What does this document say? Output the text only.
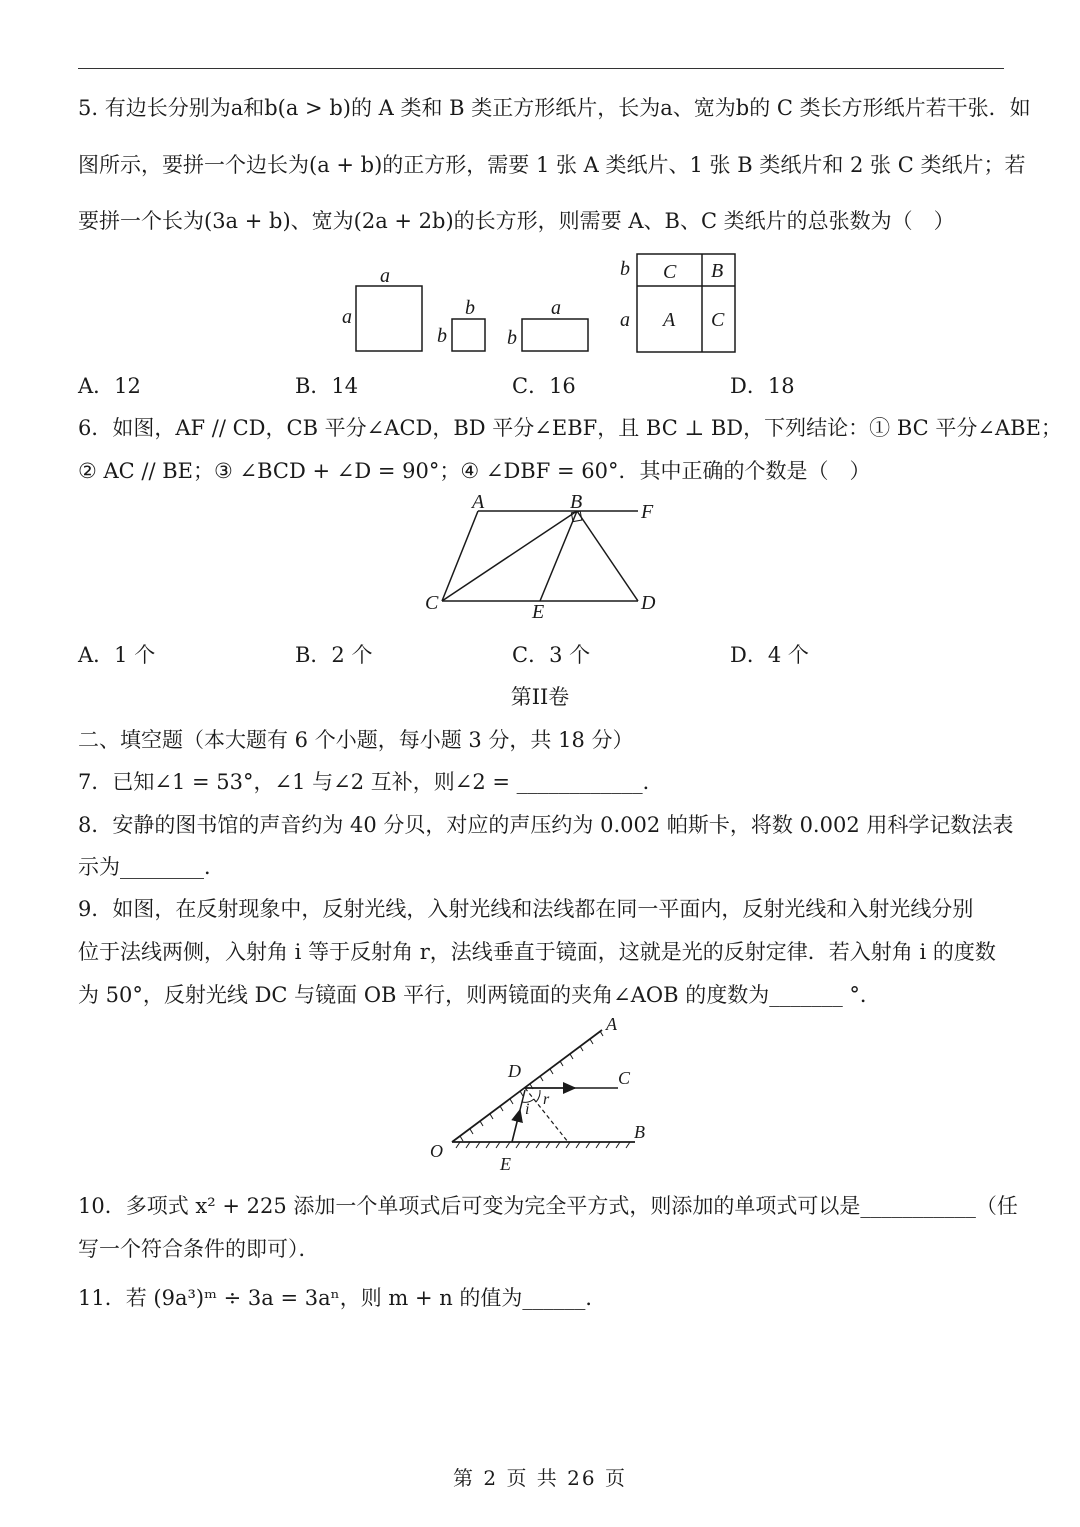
5. 有边长分别为a和b(a > b)的 A 类和 B 类正方形纸片，长为a、宽为b的 C 类长方形纸片若干张．如
图所示，要拼一个边长为(a + b)的正方形，需要 1 张 A 类纸片、1 张 B 类纸片和 2 张 C 类纸片；若
要拼一个长为(3a + b)、宽为(2a + 2b)的长方形，则需要 A、B、C 类纸片的总张数为（　）
a
a	b
b
a
b
b
a
C B
A C
A．12	B．14	C．16	D．18
6．如图，AF // CD，CB 平分∠ACD，BD 平分∠EBF，且 BC ⊥ BD，下列结论：① BC 平分∠ABE；
② AC // BE；③ ∠BCD + ∠D = 90°；④ ∠DBF = 60°．其中正确的个数是（　）
A	B	F
C	E	D
A．1 个	B．2 个	C．3 个	D．4 个
第II卷
二、填空题（本大题有 6 个小题，每小题 3 分，共 18 分）
7．已知∠1 = 53°，∠1 与∠2 互补，则∠2 = ____________．
8．安静的图书馆的声音约为 40 分贝，对应的声压约为 0.002 帕斯卡，将数 0.002 用科学记数法表
示为________．
9．如图，在反射现象中，反射光线，入射光线和法线都在同一平面内，反射光线和入射光线分别
位于法线两侧，入射角 i 等于反射角 r，法线垂直于镜面，这就是光的反射定律．若入射角 i 的度数
为 50°，反射光线 DC 与镜面 OB 平行，则两镜面的夹角∠AOB 的度数为_______ °．
A
D	C
r
i
O
E
B
10．多项式 x² + 225 添加一个单项式后可变为完全平方式，则添加的单项式可以是___________（任
写一个符合条件的即可）．
11．若 (9a³)ᵐ ÷ 3a = 3aⁿ，则 m + n 的值为______．
第 2 页 共 26 页
